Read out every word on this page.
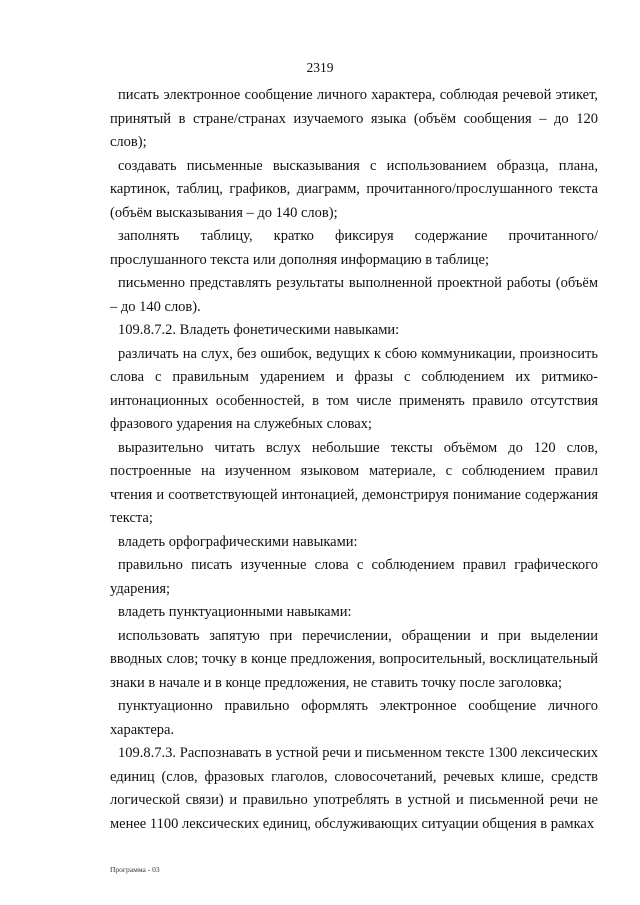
2319

писать электронное сообщение личного характера, соблюдая речевой этикет, принятый в стране/странах изучаемого языка (объём сообщения – до 120 слов);

создавать письменные высказывания с использованием образца, плана, картинок, таблиц, графиков, диаграмм, прочитанного/прослушанного текста (объём высказывания – до 140 слов);

заполнять таблицу, кратко фиксируя содержание прочитанного/ прослушанного текста или дополняя информацию в таблице;

письменно представлять результаты выполненной проектной работы (объём – до 140 слов).

109.8.7.2. Владеть фонетическими навыками:

различать на слух, без ошибок, ведущих к сбою коммуникации, произносить слова с правильным ударением и фразы с соблюдением их ритмико-интонационных особенностей, в том числе применять правило отсутствия фразового ударения на служебных словах;

выразительно читать вслух небольшие тексты объёмом до 120 слов, построенные на изученном языковом материале, с соблюдением правил чтения и соответствующей интонацией, демонстрируя понимание содержания текста;

владеть орфографическими навыками:

правильно писать изученные слова с соблюдением правил графического ударения;

владеть пунктуационными навыками:

использовать запятую при перечислении, обращении и при выделении вводных слов; точку в конце предложения, вопросительный, восклицательный знаки в начале и в конце предложения, не ставить точку после заголовка;

пунктуационно правильно оформлять электронное сообщение личного характера.

109.8.7.3. Распознавать в устной речи и письменном тексте 1300 лексических единиц (слов, фразовых глаголов, словосочетаний, речевых клише, средств логической связи) и правильно употреблять в устной и письменной речи не менее 1100 лексических единиц, обслуживающих ситуации общения в рамках

Программа - 03
